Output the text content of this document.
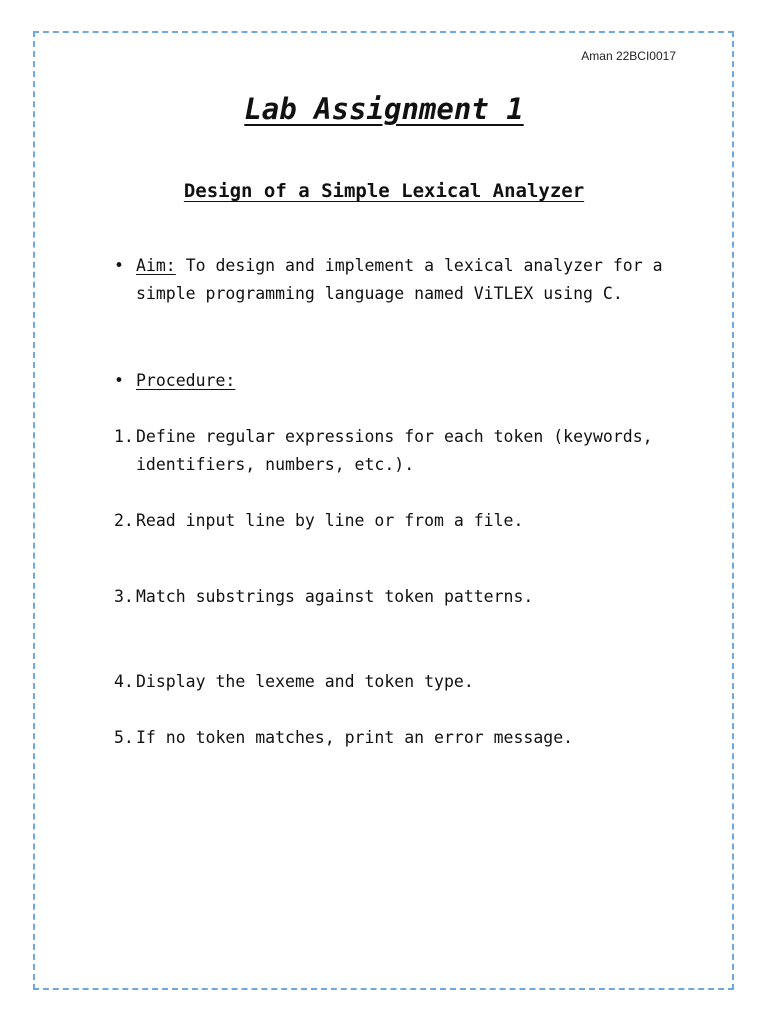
Aman 22BCI0017
Lab Assignment 1
Design of a Simple Lexical Analyzer
• Aim: To design and implement a lexical analyzer for a simple programming language named ViTLEX using C.
• Procedure:
1. Define regular expressions for each token (keywords, identifiers, numbers, etc.).
2. Read input line by line or from a file.
3. Match substrings against token patterns.
4. Display the lexeme and token type.
5. If no token matches, print an error message.
